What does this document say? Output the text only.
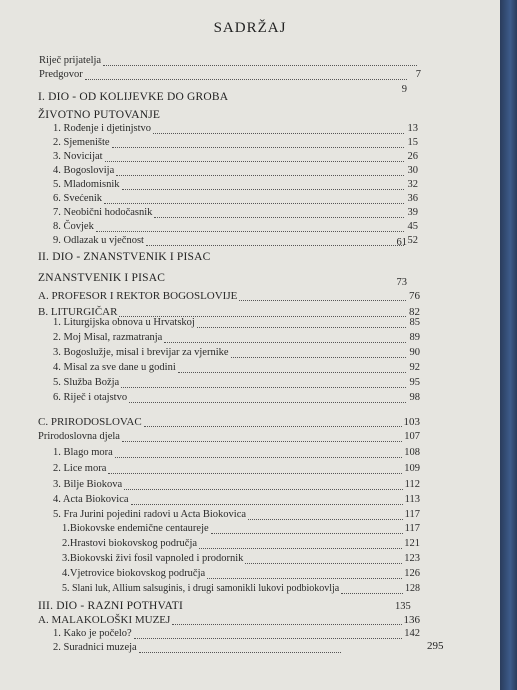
SADRŽAJ
Riječ prijatelja
Predgovor	7
9
I. DIO - OD KOLIJEVKE DO GROBA
ŽIVOTNO PUTOVANJE
1. Rođenje i djetinjstvo	13
2. Sjemenište	15
3. Novicijat	26
4. Bogoslovija	30
5. Mladomisnik	32
6. Svećenik	36
7. Neobični hodočasnik	39
8. Čovjek	45
9. Odlazak u vječnost	52
61
II. DIO - ZNANSTVENIK I PISAC
ZNANSTVENIK I PISAC	73
A. PROFESOR I REKTOR BOGOSLOVIJE	76
B. LITURGIČAR	82
1. Liturgijska obnova u Hrvatskoj	85
2. Moj Misal, razmatranja	89
3. Bogoslužje, misal i brevijar za vjernike	90
4. Misal za sve dane u godini	92
5. Služba Božja	95
6. Riječ i otajstvo	98
C. PRIRODOSLOVAC	103
Prirodoslovna djela	107
1. Blago mora	108
2. Lice mora	109
3. Bilje Biokova	112
4. Acta Biokovica	113
5. Fra Jurini pojedini radovi u Acta Biokovica	117
1.Biokovske endemične centaureje	117
2.Hrastovi biokovskog područja	121
3.Biokovski živi fosil vapnoled i prodornik	123
4.Vjetrovice biokovskog područja	126
5. Slani luk, Allium salsuginis, i drugi samonikli lukovi podbiokovlja	128
III. DIO - RAZNI POTHVATI	135
A. MALAKOLOŠKI MUZEJ	136
1. Kako je počelo?	142
2. Suradnici muzeja	295
